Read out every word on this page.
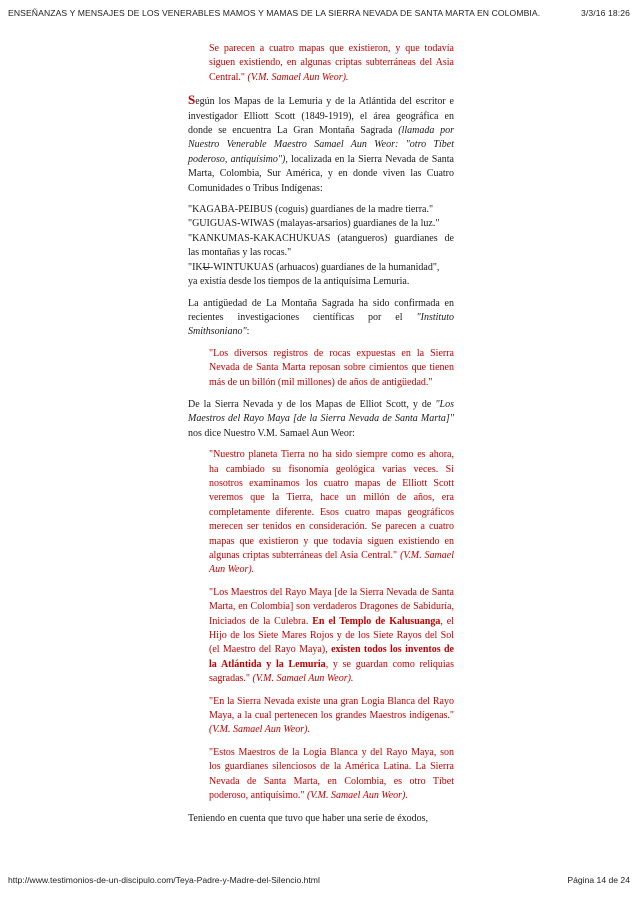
ENSEÑANZAS Y MENSAJES DE LOS VENERABLES MAMOS Y MAMAS DE LA SIERRA NEVADA DE SANTA MARTA EN COLOMBIA.	3/3/16 18:26

Se parecen a cuatro mapas que existieron, y que todavía siguen existiendo, en algunas criptas subterráneas del Asia Central." (V.M. Samael Aun Weor).

Según los Mapas de la Lemuria y de la Atlántida del escritor e investigador Elliott Scott (1849-1919), el área geográfica en donde se encuentra La Gran Montaña Sagrada (llamada por Nuestro Venerable Maestro Samael Aun Weor: "otro Tíbet poderoso, antiquísimo"), localizada en la Sierra Nevada de Santa Marta, Colombia, Sur América, y en donde viven las Cuatro Comunidades o Tribus Indígenas:

"KAGABA-PEIBUS (coguis) guardianes de la madre tierra."

"GUIGUAS-WIWAS (malayas-arsarios) guardianes de la luz."

"KANKUMAS-KAKACHUKUAS (atangueros) guardianes de las montañas y las rocas."

"IKU-WINTUKUAS (arhuacos) guardianes de la humanidad",

ya existía desde los tiempos de la antiquísima Lemuria.

La antigüedad de La Montaña Sagrada ha sido confirmada en recientes investigaciones científicas por el "Instituto Smithsoniano":

"Los diversos registros de rocas expuestas en la Sierra Nevada de Santa Marta reposan sobre cimientos que tienen más de un billón (mil millones) de años de antigüedad."

De la Sierra Nevada y de los Mapas de Elliot Scott, y de "Los Maestros del Rayo Maya [de la Sierra Nevada de Santa Marta]" nos dice Nuestro V.M. Samael Aun Weor:

"Nuestro planeta Tierra no ha sido siempre como es ahora, ha cambiado su fisonomía geológica varias veces. Si nosotros examinamos los cuatro mapas de Elliott Scott veremos que la Tierra, hace un millón de años, era completamente diferente. Esos cuatro mapas geográficos merecen ser tenidos en consideración. Se parecen a cuatro mapas que existieron y que todavía siguen existiendo en algunas criptas subterráneas del Asia Central." (V.M. Samael Aun Weor).

"Los Maestros del Rayo Maya [de la Sierra Nevada de Santa Marta, en Colombia] son verdaderos Dragones de Sabiduría, Iniciados de la Culebra. En el Templo de Kalusuanga, el Hijo de los Siete Mares Rojos y de los Siete Rayos del Sol (el Maestro del Rayo Maya), existen todos los inventos de la Atlántida y la Lemuria, y se guardan como reliquias sagradas." (V.M. Samael Aun Weor).

"En la Sierra Nevada existe una gran Logia Blanca del Rayo Maya, a la cual pertenecen los grandes Maestros indígenas." (V.M. Samael Aun Weor).

"Estos Maestros de la Logia Blanca y del Rayo Maya, son los guardianes silenciosos de la América Latina. La Sierra Nevada de Santa Marta, en Colombia, es otro Tíbet poderoso, antiquísimo." (V.M. Samael Aun Weor).

Teniendo en cuenta que tuvo que haber una serie de éxodos,

http://www.testimonios-de-un-discipulo.com/Teya-Padre-y-Madre-del-Silencio.html	Página 14 de 24
